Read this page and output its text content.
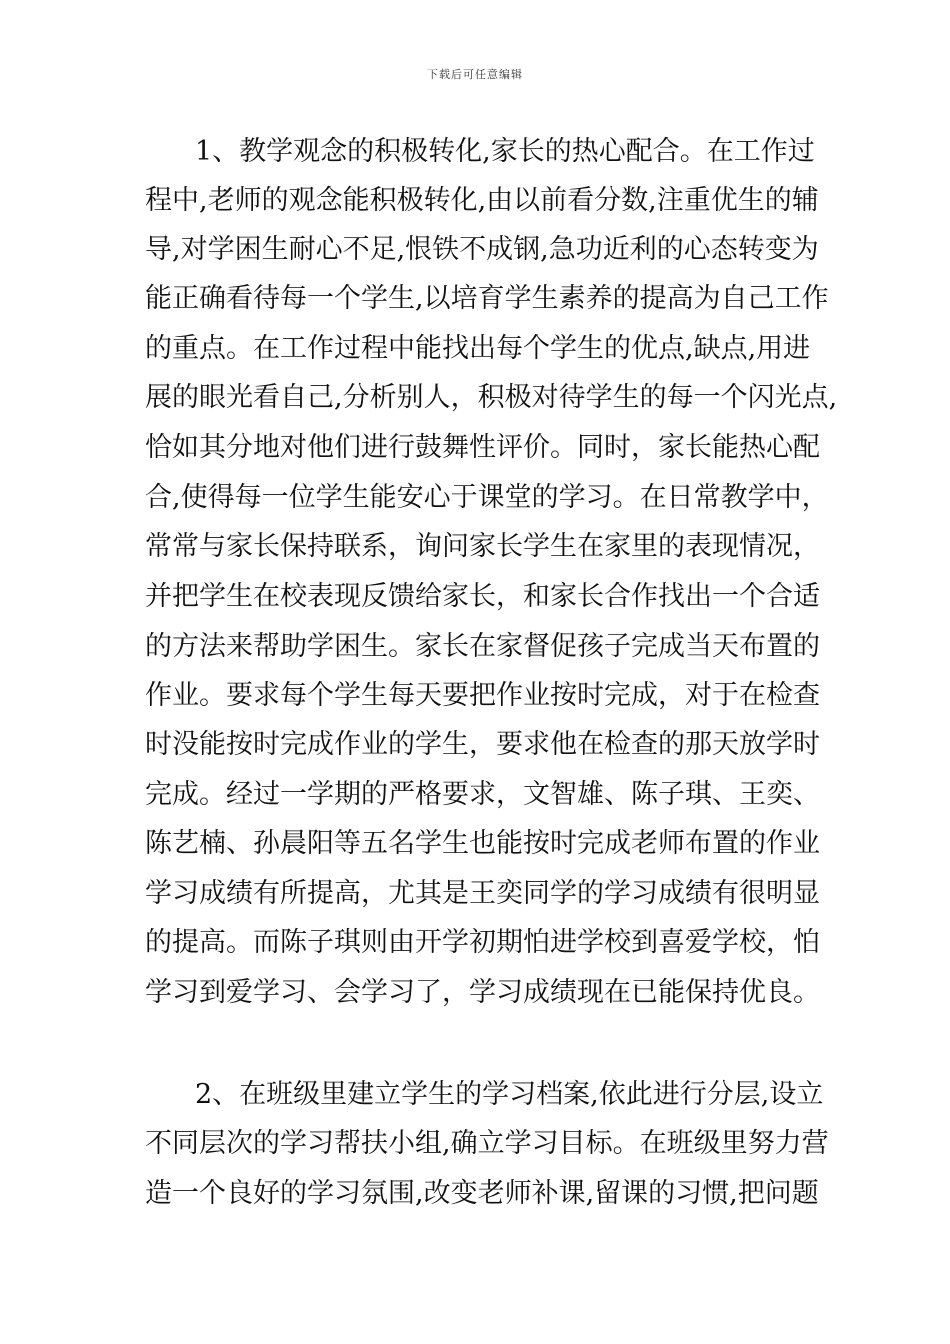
下载后可任意编辑
1、教学观念的积极转化,家长的热心配合。在工作过
程中,老师的观念能积极转化,由以前看分数,注重优生的辅
导,对学困生耐心不足,恨铁不成钢,急功近利的心态转变为
能正确看待每一个学生,以培育学生素养的提高为自己工作
的重点。在工作过程中能找出每个学生的优点,缺点,用进
展的眼光看自己,分析别人，积极对待学生的每一个闪光点,
恰如其分地对他们进行鼓舞性评价。同时，家长能热心配
合,使得每一位学生能安心于课堂的学习。在日常教学中，
常常与家长保持联系，询问家长学生在家里的表现情况，
并把学生在校表现反馈给家长，和家长合作找出一个合适
的方法来帮助学困生。家长在家督促孩子完成当天布置的
作业。要求每个学生每天要把作业按时完成，对于在检查
时没能按时完成作业的学生，要求他在检查的那天放学时
完成。经过一学期的严格要求，文智雄、陈子琪、王奕、
陈艺楠、孙晨阳等五名学生也能按时完成老师布置的作业
学习成绩有所提高，尤其是王奕同学的学习成绩有很明显
的提高。而陈子琪则由开学初期怕进学校到喜爱学校，怕
学习到爱学习、会学习了，学习成绩现在已能保持优良。
2、在班级里建立学生的学习档案,依此进行分层,设立
不同层次的学习帮扶小组,确立学习目标。在班级里努力营
造一个良好的学习氛围,改变老师补课,留课的习惯,把问题
